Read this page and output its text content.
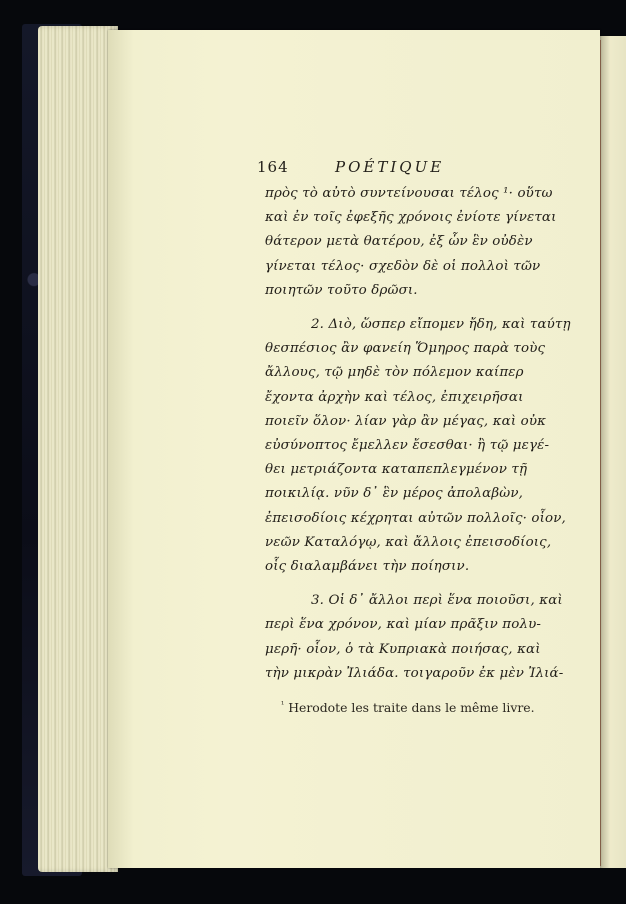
164	POÉTIQUE
πρὸς τὸ αὐτὸ συντείνουσαι τέλος ¹· οὕτω
καὶ ἐν τοῖς ἐφεξῆς χρόνοις ἐνίοτε γίνεται
θάτερον μετὰ θατέρου, ἐξ ὧν ἓν οὐδὲν
γίνεται τέλος· σχεδὸν δὲ οἱ πολλοὶ τῶν
ποιητῶν τοῦτο δρῶσι.
2. Διὸ, ὥσπερ εἴπομεν ἤδη, καὶ ταύτῃ
θεσπέσιος ἂν φανείη Ὅμηρος παρὰ τοὺς
ἄλλους, τῷ μηδὲ τὸν πόλεμον καίπερ
ἔχοντα ἀρχὴν καὶ τέλος, ἐπιχειρῆσαι
ποιεῖν ὅλον· λίαν γὰρ ἂν μέγας, καὶ οὐκ
εὐσύνοπτος ἔμελλεν ἔσεσθαι· ἢ τῷ μεγέ-
θει μετριάζοντα καταπεπλεγμένον τῇ
ποικιλίᾳ. νῦν δ᾽ ἓν μέρος ἀπολαβὼν,
ἐπεισοδίοις κέχρηται αὐτῶν πολλοῖς· οἷον,
νεῶν Καταλόγῳ, καὶ ἄλλοις ἐπεισοδίοις,
οἷς διαλαμβάνει τὴν ποίησιν.
3. Οἱ δ᾽ ἄλλοι περὶ ἕνα ποιοῦσι, καὶ
περὶ ἕνα χρόνον, καὶ μίαν πρᾶξιν πολυ-
μερῆ· οἷον, ὁ τὰ Κυπριακὰ ποιήσας, καὶ
τὴν μικρὰν Ἰλιάδα. τοιγαροῦν ἐκ μὲν Ἰλιά-
$^{^1}$ Herodote les traite dans le même livre.
